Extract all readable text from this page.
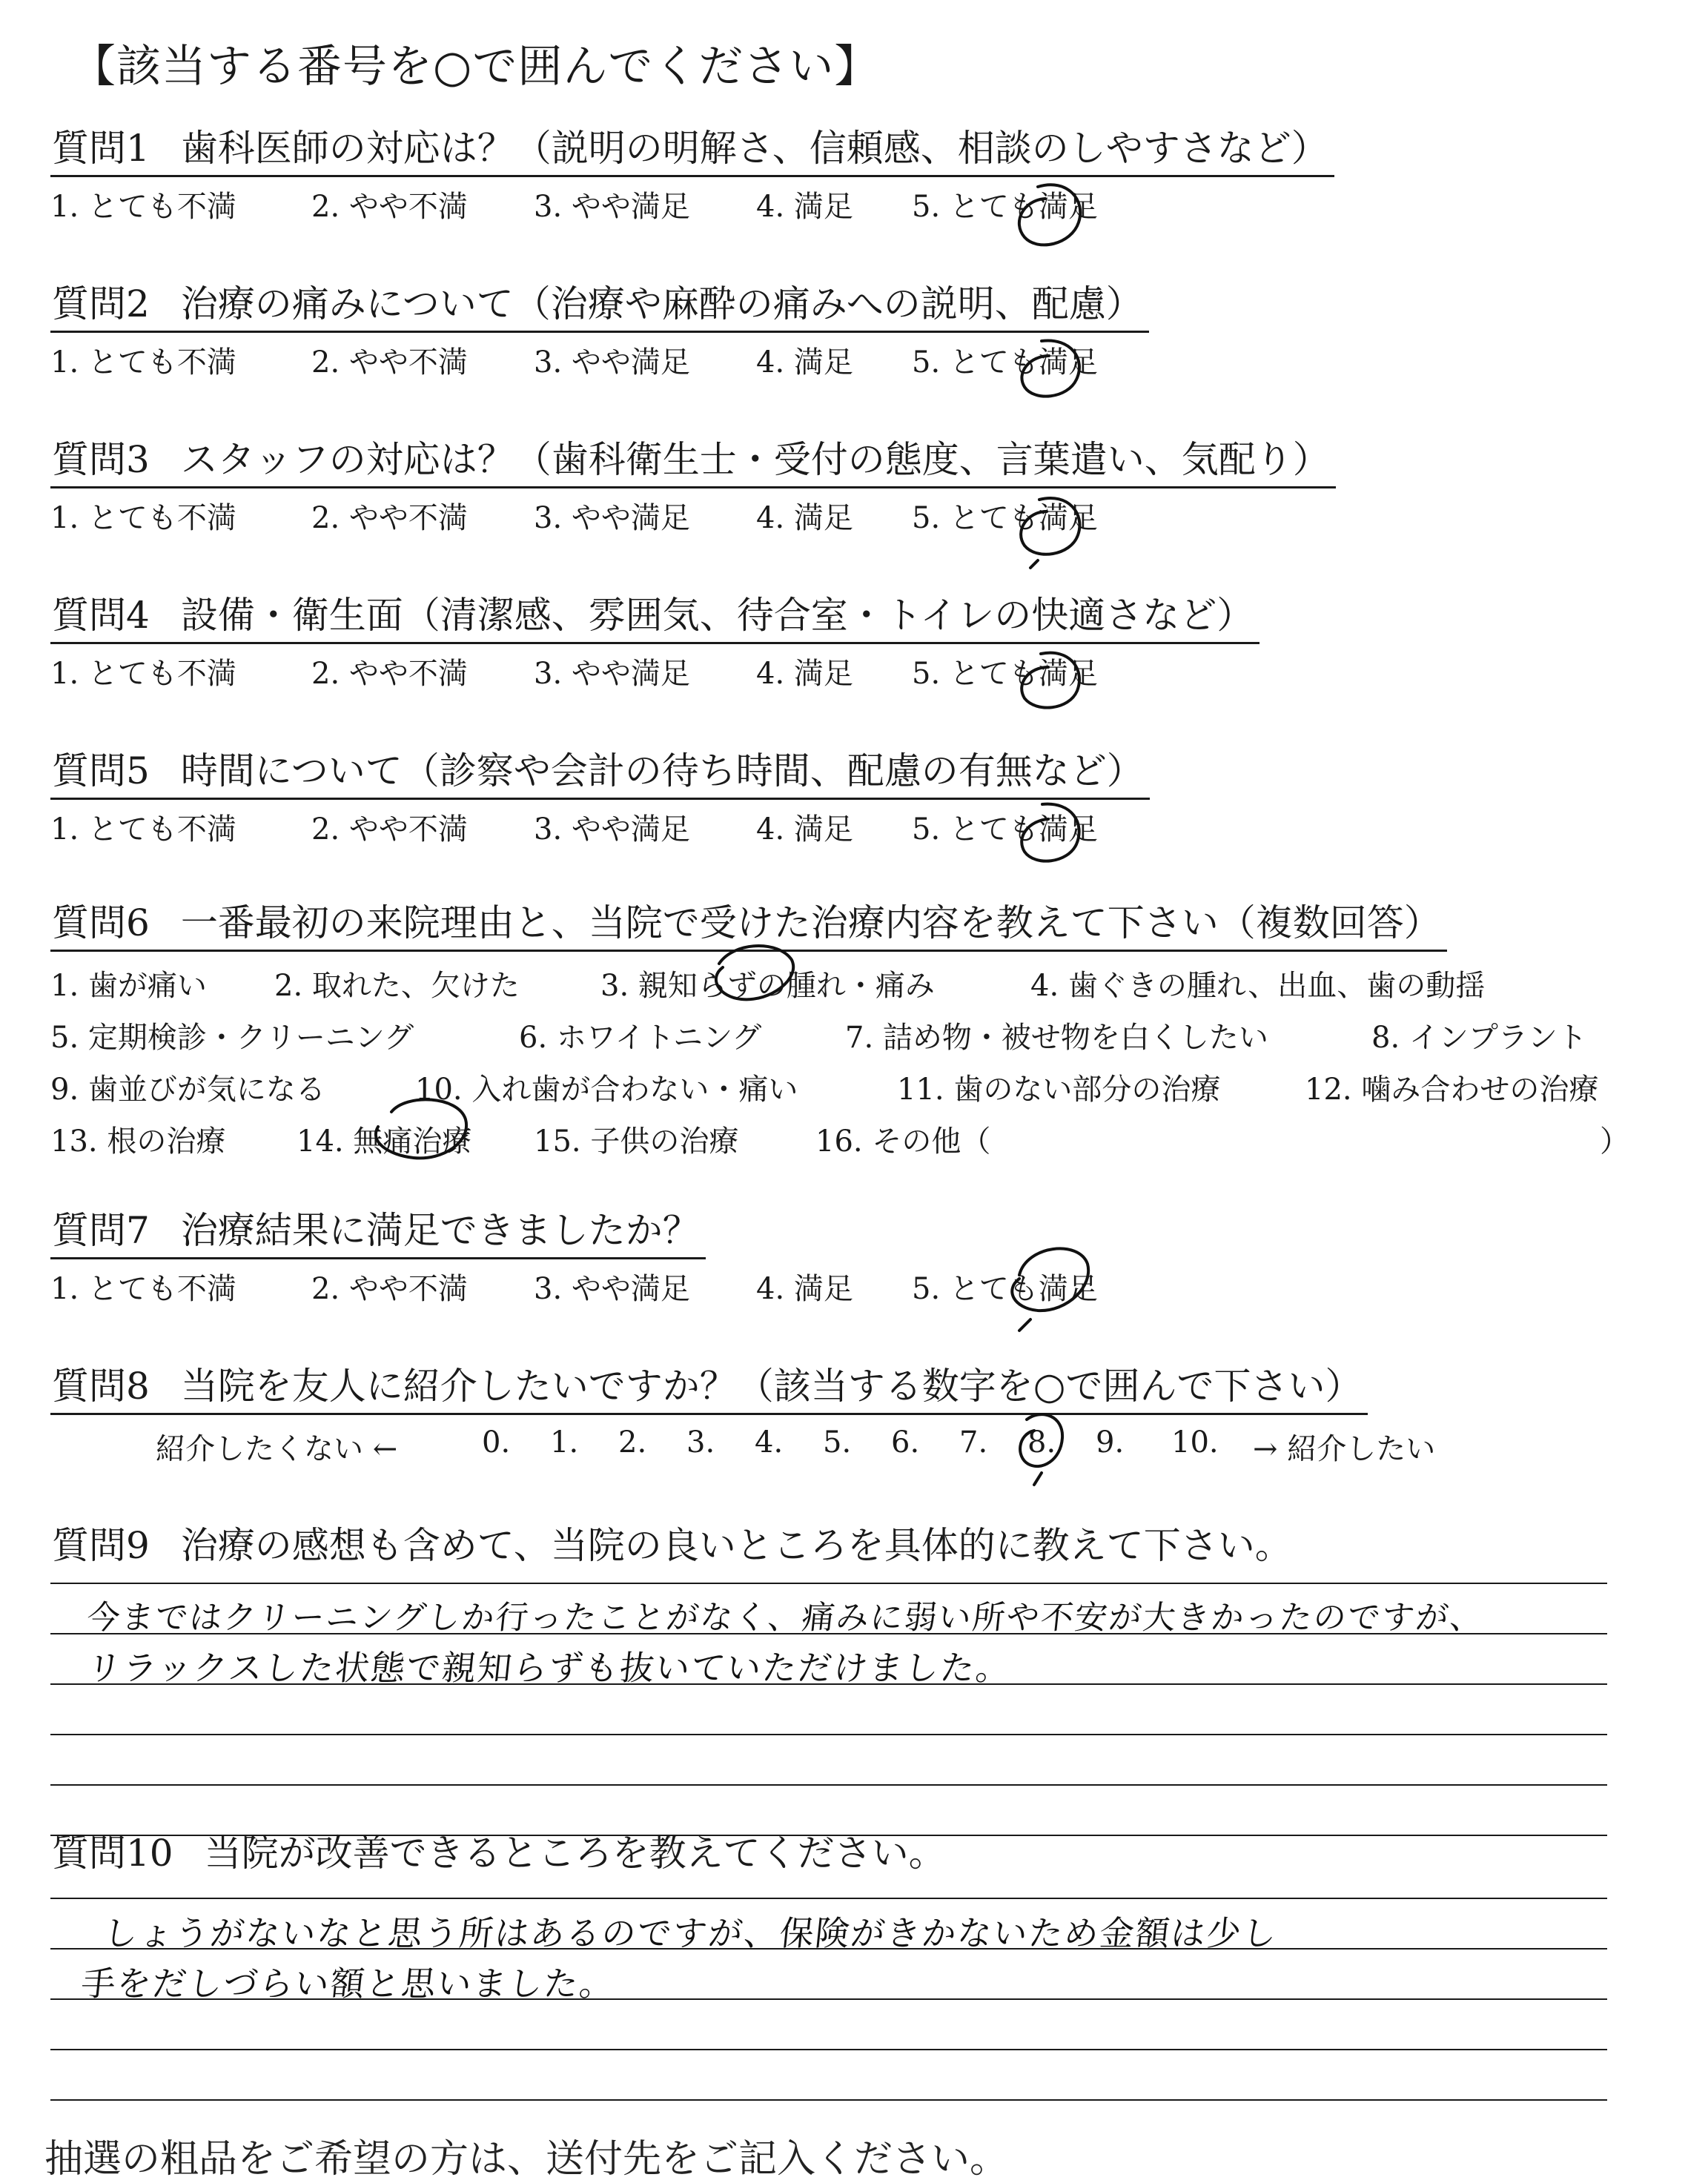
【該当する番号を○で囲んでください】
質問1 歯科医師の対応は？（説明の明解さ、信頼感、相談のしやすさなど）
1. とても不満	2. やや不満 3. やや満足 4. 満足 5. とても満足
質問2 治療の痛みについて（治療や麻酔の痛みへの説明、配慮）
1. とても不満	2. やや不満 3. やや満足 4. 満足 5. とても満足
質問3 スタッフの対応は？（歯科衛生士・受付の態度、言葉遣い、気配り）
1. とても不満	2. やや不満 3. やや満足 4. 満足 5. とても満足
質問4 設備・衛生面（清潔感、雰囲気、待合室・トイレの快適さなど）
1. とても不満	2. やや不満 3. やや満足 4. 満足 5. とても満足
質問5 時間について（診察や会計の待ち時間、配慮の有無など）
1. とても不満	2. やや不満 3. やや満足 4. 満足 5. とても満足
質問6 一番最初の来院理由と、当院で受けた治療内容を教えて下さい（複数回答）
1. 歯が痛い 2. 取れた、欠けた	3. 親知らずの腫れ・痛み	4. 歯ぐきの腫れ、出血、歯の動揺
5. 定期検診・クリーニング	6. ホワイトニング	7. 詰め物・被せ物を白くしたい	8. インプラント
9. 歯並びが気になる	10. 入れ歯が合わない・痛い	11. 歯のない部分の治療	12. 噛み合わせの治療
13. 根の治療 14. 無痛治療 15. 子供の治療	16. その他（	）
質問7 治療結果に満足できましたか？
1. とても不満	2. やや不満 3. やや満足 4. 満足 5. とても満足
質問8 当院を友人に紹介したいですか？（該当する数字を○で囲んで下さい）
紹介したくない ←	0. 1. 2. 3. 4. 5. 6. 7. 8. 9. 10. → 紹介したい
質問9 治療の感想も含めて、当院の良いところを具体的に教えて下さい。
今まではクリーニングしか行ったことがなく、痛みに弱い所や不安が大きかったのですが、
リラックスした状態で親知らずも抜いていただけました。
質問10 当院が改善できるところを教えてください。
しょうがないなと思う所はあるのですが、保険がきかないため金額は少し
手をだしづらい額と思いました。
抽選の粗品をご希望の方は、送付先をご記入ください。
